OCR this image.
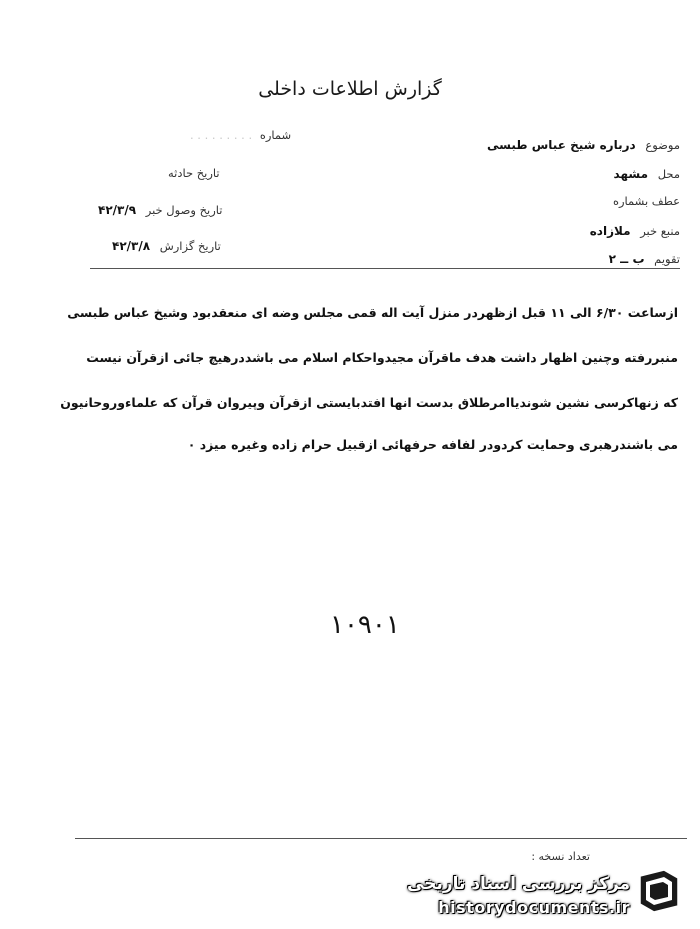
گزارش اطلاعات داخلی
شماره . . . . . . . . .
تاریخ حادثه
تاریخ وصول خبر ۴۲/۳/۹
تاریخ گزارش ۴۲/۳/۸
موضوع درباره شیخ عباس طبسی
محل مشهد
عطف بشماره
منبع خبر ملازاده
تقویم ب ــ ۲
ازساعت ۶/۳۰ الی ۱۱ قبل ازظهردر منزل آیت اله قمی مجلس وضه ای منعقدبود وشیخ عباس طبسی
منبررفته وچنین اظهار داشت هدف ماقرآن مجیدواحکام اسلام می باشددرهیچ جائی ازقرآن نیست
که زنهاکرسی نشین شوندیاامرطلاق بدست انها افتدبایستی ازقرآن وپیروان قرآن که علماءوروحانیون
می باشندرهبری وحمایت کردودر لفافه حرفهائی ازقبیل حرام زاده وغیره میزد ۰
۱۰۹۰۱
تعداد نسخه :
مرکز بررسی اسناد تاریخی
historydocuments.ir
